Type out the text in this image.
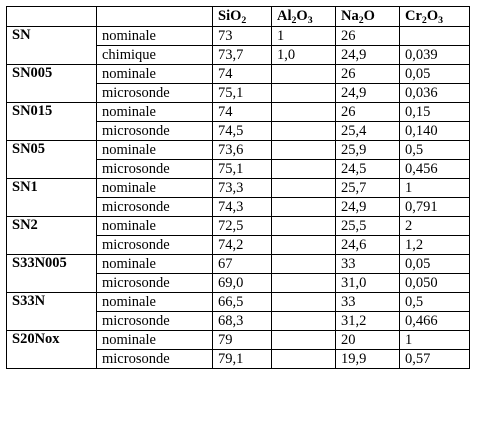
		SiO$_2$	$Al_2O_3$	$Na_2O$	$Cr_2O_3$
SN	nominale	73	1	26	
	chimique	73,7	1,0	24,9	0,039
SN005	nominale	74		26	0,05
	microsonde	75,1		24,9	0,036
SN015	nominale	74		26	0,15
	microsonde	74,5		25,4	0,140
SN05	nominale	73,6		25,9	0,5
	microsonde	75,1		24,5	0,456
SN1	nominale	73,3		25,7	1
	microsonde	74,3		24,9	0,791
SN2	nominale	72,5		25,5	2
	microsonde	74,2		24,6	1,2
S33N005	nominale	67		33	0,05
	microsonde	69,0		31,0	0,050
S33N	nominale	66,5		33	0,5
	microsonde	68,3		31,2	0,466
S20Nox	nominale	79		20	1
	microsonde	79,1		19,9	0,57
